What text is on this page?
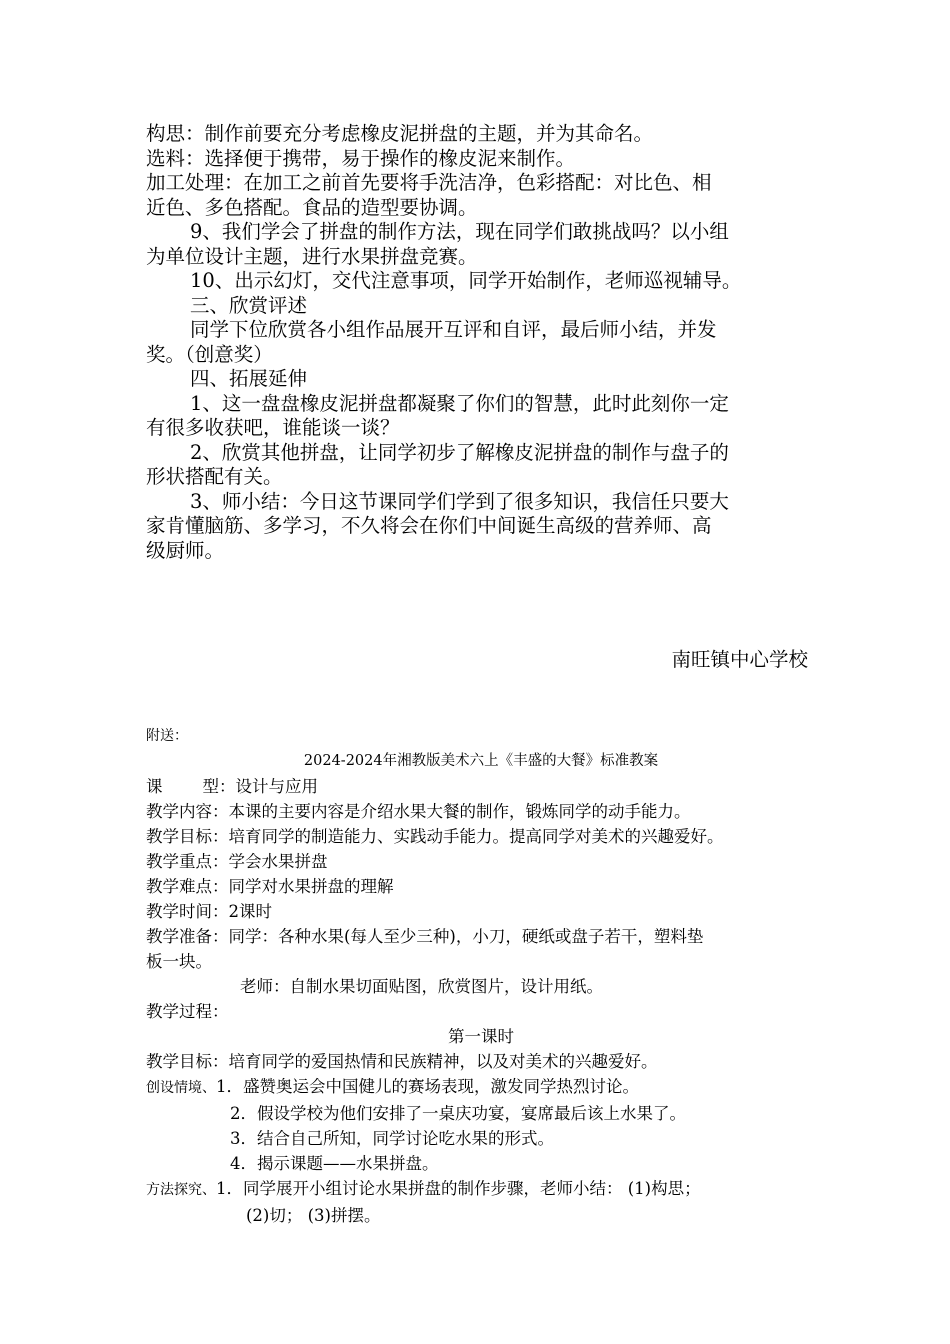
构思：制作前要充分考虑橡皮泥拼盘的主题，并为其命名。

选料：选择便于携带，易于操作的橡皮泥来制作。

加工处理：在加工之前首先要将手洗洁净，色彩搭配：对比色、相

近色、多色搭配。食品的造型要协调。

9、我们学会了拼盘的制作方法，现在同学们敢挑战吗？以小组

为单位设计主题，进行水果拼盘竞赛。

10、出示幻灯，交代注意事项，同学开始制作，老师巡视辅导。

三、欣赏评述

同学下位欣赏各小组作品展开互评和自评，最后师小结，并发

奖。（创意奖）

四、拓展延伸

1、这一盘盘橡皮泥拼盘都凝聚了你们的智慧，此时此刻你一定

有很多收获吧，谁能谈一谈？

2、欣赏其他拼盘，让同学初步了解橡皮泥拼盘的制作与盘子的

形状搭配有关。

3、师小结：今日这节课同学们学到了很多知识，我信任只要大

家肯懂脑筋、多学习，不久将会在你们中间诞生高级的营养师、高

级厨师。

南旺镇中心学校

附送：

2024-2024年湘教版美术六上《丰盛的大餐》标准教案

课 型：设计与应用

教学内容：本课的主要内容是介绍水果大餐的制作，锻炼同学的动手能力。

教学目标：培育同学的制造能力、实践动手能力。提高同学对美术的兴趣爱好。

教学重点：学会水果拼盘

教学难点：同学对水果拼盘的理解

教学时间：2课时

教学准备：同学：各种水果(每人至少三种)，小刀，硬纸或盘子若干，塑料垫

板一块。

老师：自制水果切面贴图，欣赏图片，设计用纸。

教学过程：

第一课时

教学目标：培育同学的爱国热情和民族精神，以及对美术的兴趣爱好。

创设情境、1．盛赞奥运会中国健儿的赛场表现，激发同学热烈讨论。

2．假设学校为他们安排了一桌庆功宴，宴席最后该上水果了。

3．结合自己所知，同学讨论吃水果的形式。

4．揭示课题——水果拼盘。

方法探究、1．同学展开小组讨论水果拼盘的制作步骤，老师小结： (1)构思；

(2)切； (3)拼摆。
